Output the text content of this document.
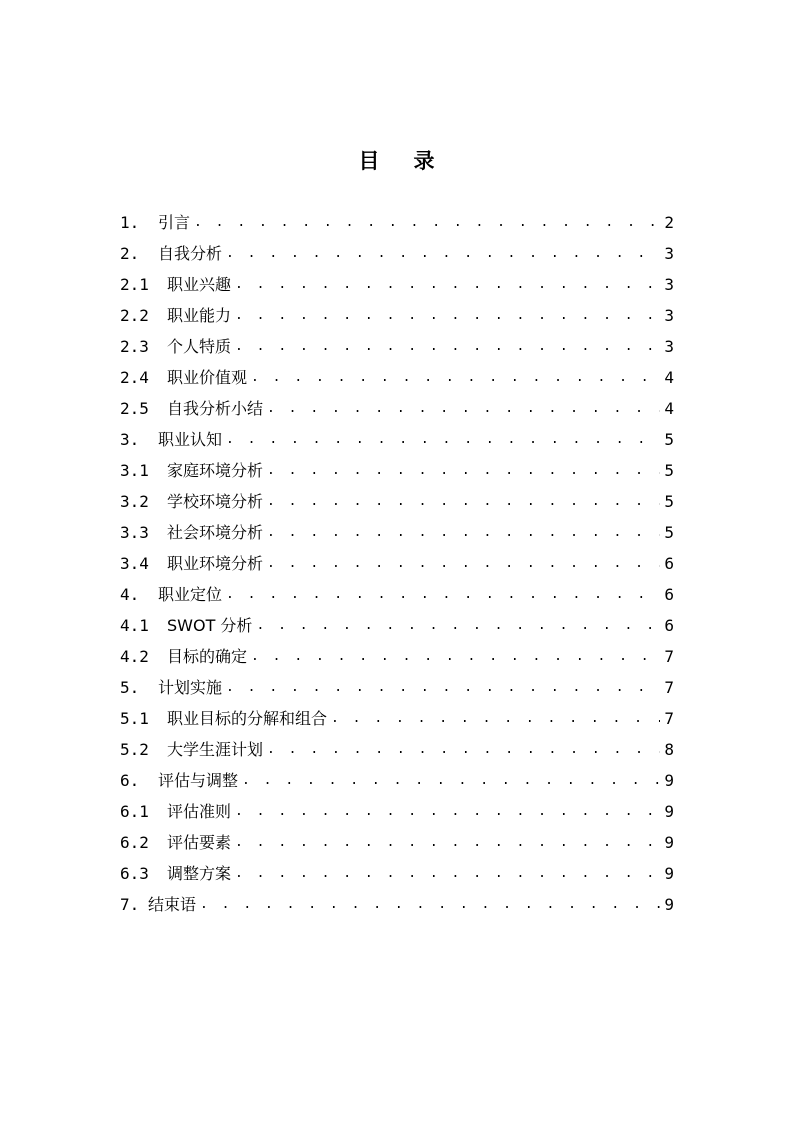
目 录
1.	引言 . . .	2
2.	自我分析 . . .	3
2.1	职业兴趣 . . .	3
2.2	职业能力 . . .	3
2.3	个人特质 . . .	3
2.4	职业价值观 . . .	4
2.5	自我分析小结 . . .	4
3.	职业认知 . . .	5
3.1	家庭环境分析 . . .	5
3.2	学校环境分析 . . .	5
3.3	社会环境分析 . . .	5
3.4	职业环境分析 . . .	6
4.	职业定位 . . .	6
4.1	SWOT 分析 . . .	6
4.2	目标的确定 . . .	7
5.	计划实施 . . .	7
5.1	职业目标的分解和组合 . . .	7
5.2	大学生涯计划 . . .	8
6.	评估与调整 . . .	9
6.1	评估准则 . . .	9
6.2	评估要素 . . .	9
6.3	调整方案 . . .	9
7. 结束语 . . .	9
